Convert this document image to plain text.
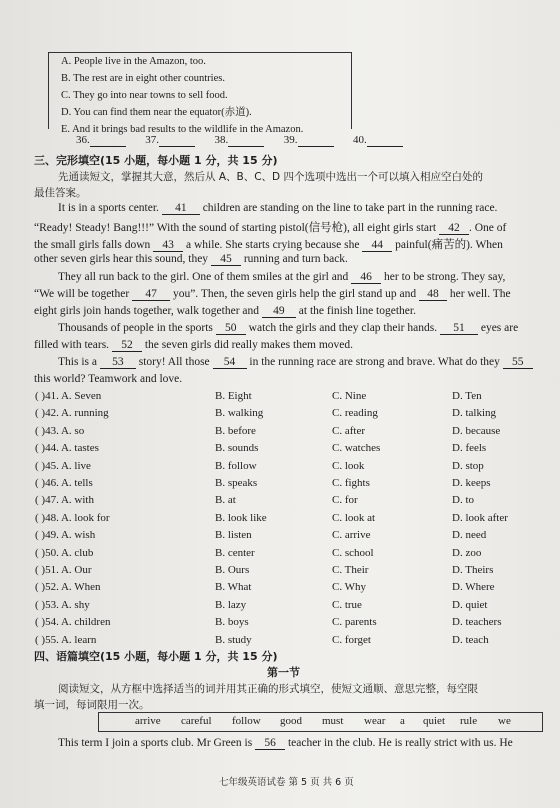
A. People live in the Amazon, too.
B. The rest are in eight other countries.
C. They go into near towns to sell food.
D. You can find them near the equator(赤道).
E. And it brings bad results to the wildlife in the Amazon.
36.	37.	38.	39.	40.
三、完形填空(15 小题，每小题 1 分，共 15 分)
先通读短文，掌握其大意，然后从 A、B、C、D 四个选项中选出一个可以填入相应空白处的
最佳答案。
It is in a sports center. 41 children are standing on the line to take part in the running race.
“Ready! Steady! Bang!!!” With the sound of starting pistol(信号枪), all eight girls start 42 . One of
the small girls falls down 43 a while. She starts crying because she 44 painful(痛苦的). When
other seven girls hear this sound, they 45 running and turn back.
They all run back to the girl. One of them smiles at the girl and 46 her to be strong. They say,
“We will be together 47 you”. Then, the seven girls help the girl stand up and 48 her well. The
eight girls join hands together, walk together and 49 at the finish line together.
Thousands of people in the sports 50 watch the girls and they clap their hands. 51 eyes are
filled with tears. 52 the seven girls did really makes them moved.
This is a 53 story! All those 54 in the running race are strong and brave. What do they 55
this world? Teamwork and love.
( )41. A. Seven	B. Eight	C. Nine	D. Ten
( )42. A. running	B. walking	C. reading	D. talking
( )43. A. so	B. before	C. after	D. because
( )44. A. tastes	B. sounds	C. watches	D. feels
( )45. A. live	B. follow	C. look	D. stop
( )46. A. tells	B. speaks	C. fights	D. keeps
( )47. A. with	B. at	C. for	D. to
( )48. A. look for	B. look like	C. look at	D. look after
( )49. A. wish	B. listen	C. arrive	D. need
( )50. A. club	B. center	C. school	D. zoo
( )51. A. Our	B. Ours	C. Their	D. Theirs
( )52. A. When	B. What	C. Why	D. Where
( )53. A. shy	B. lazy	C. true	D. quiet
( )54. A. children	B. boys	C. parents	D. teachers
( )55. A. learn	B. study	C. forget	D. teach
四、语篇填空(15 小题，每小题 1 分，共 15 分)
第一节
阅读短文，从方框中选择适当的词并用其正确的形式填空，使短文通顺、意思完整，每空限
填一词，每词限用一次。
arrive careful follow good must wear a quiet rule we
This term I join a sports club. Mr Green is 56 teacher in the club. He is really strict with us. He
七年级英语试卷 第 5 页 共 6 页
